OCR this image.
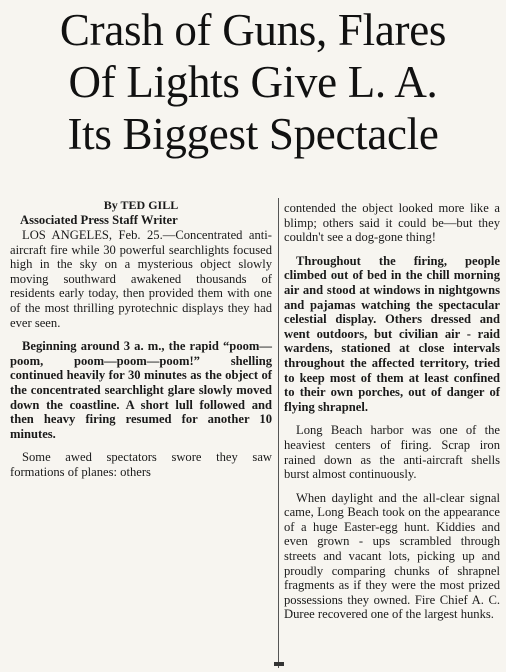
Crash of Guns, Flares
Of Lights Give L. A.
Its Biggest Spectacle

By TED GILL

Associated Press Staff Writer

LOS ANGELES, Feb. 25.—Concentrated anti-aircraft fire while 30 powerful searchlights focused high in the sky on a mysterious object slowly moving southward awakened thousands of residents early today, then provided them with one of the most thrilling pyrotechnic displays they had ever seen.

Beginning around 3 a. m., the rapid “poom—poom, poom—poom—poom!” shelling continued heavily for 30 minutes as the object of the concentrated searchlight glare slowly moved down the coastline. A short lull followed and then heavy firing resumed for another 10 minutes.

Some awed spectators swore they saw formations of planes: others

contended the object looked more like a blimp; others said it could be—but they couldn't see a dog-gone thing!

Throughout the firing, people climbed out of bed in the chill morning air and stood at windows in nightgowns and pajamas watching the spectacular celestial display. Others dressed and went outdoors, but civilian air - raid wardens, stationed at close intervals throughout the affected territory, tried to keep most of them at least confined to their own porches, out of danger of flying shrapnel.

Long Beach harbor was one of the heaviest centers of firing. Scrap iron rained down as the anti-aircraft shells burst almost continuously.

When daylight and the all-clear signal came, Long Beach took on the appearance of a huge Easter-egg hunt. Kiddies and even grown - ups scrambled through streets and vacant lots, picking up and proudly comparing chunks of shrapnel fragments as if they were the most prized possessions they owned. Fire Chief A. C. Duree recovered one of the largest hunks.
